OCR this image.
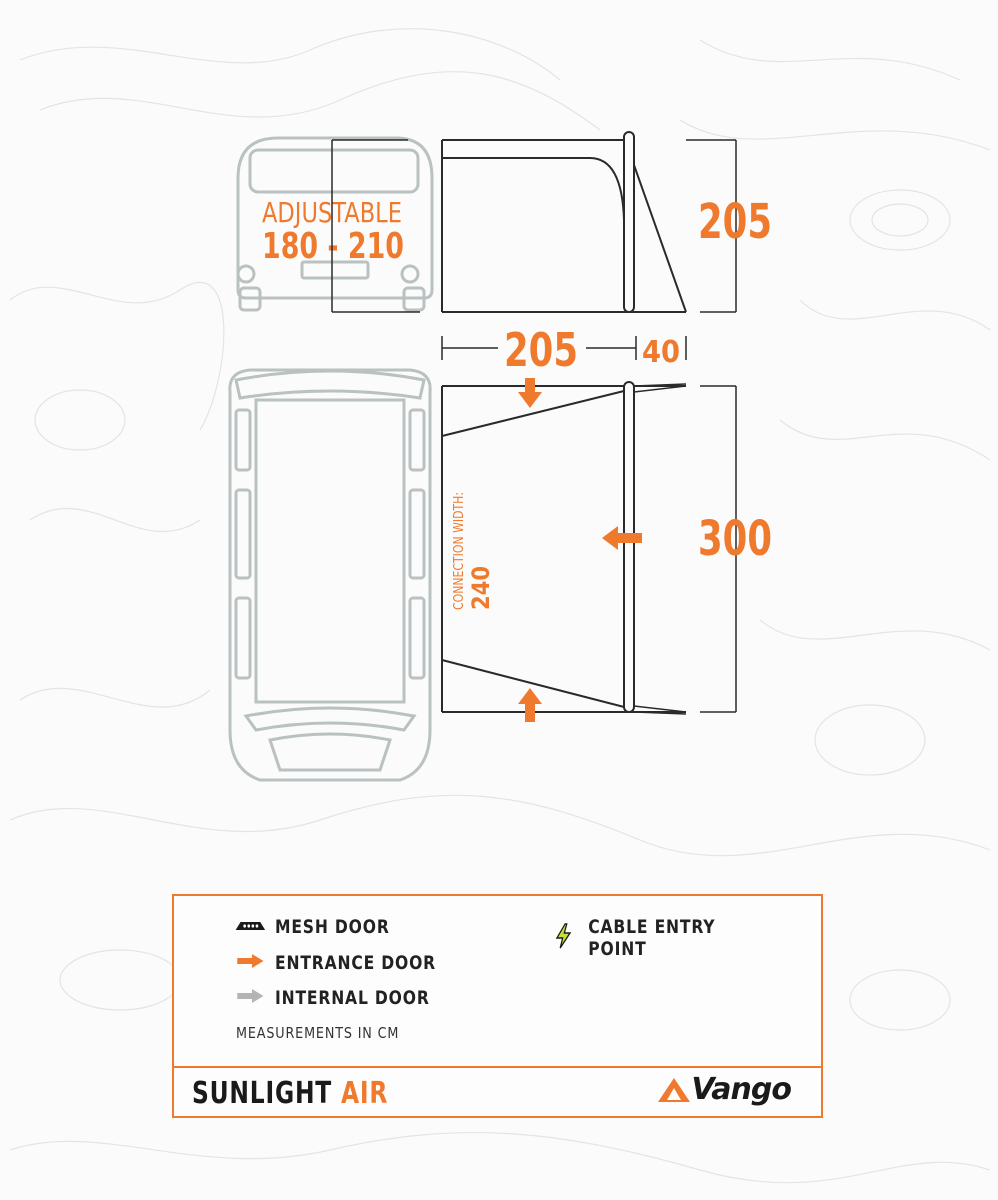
ADJUSTABLE
180 - 210	205
205 40
300
CONNECTION WIDTH: 240
MESH DOOR
ENTRANCE DOOR
INTERNAL DOOR
CABLE ENTRY POINT
MEASUREMENTS IN CM
SUNLIGHT AIR	Vango
